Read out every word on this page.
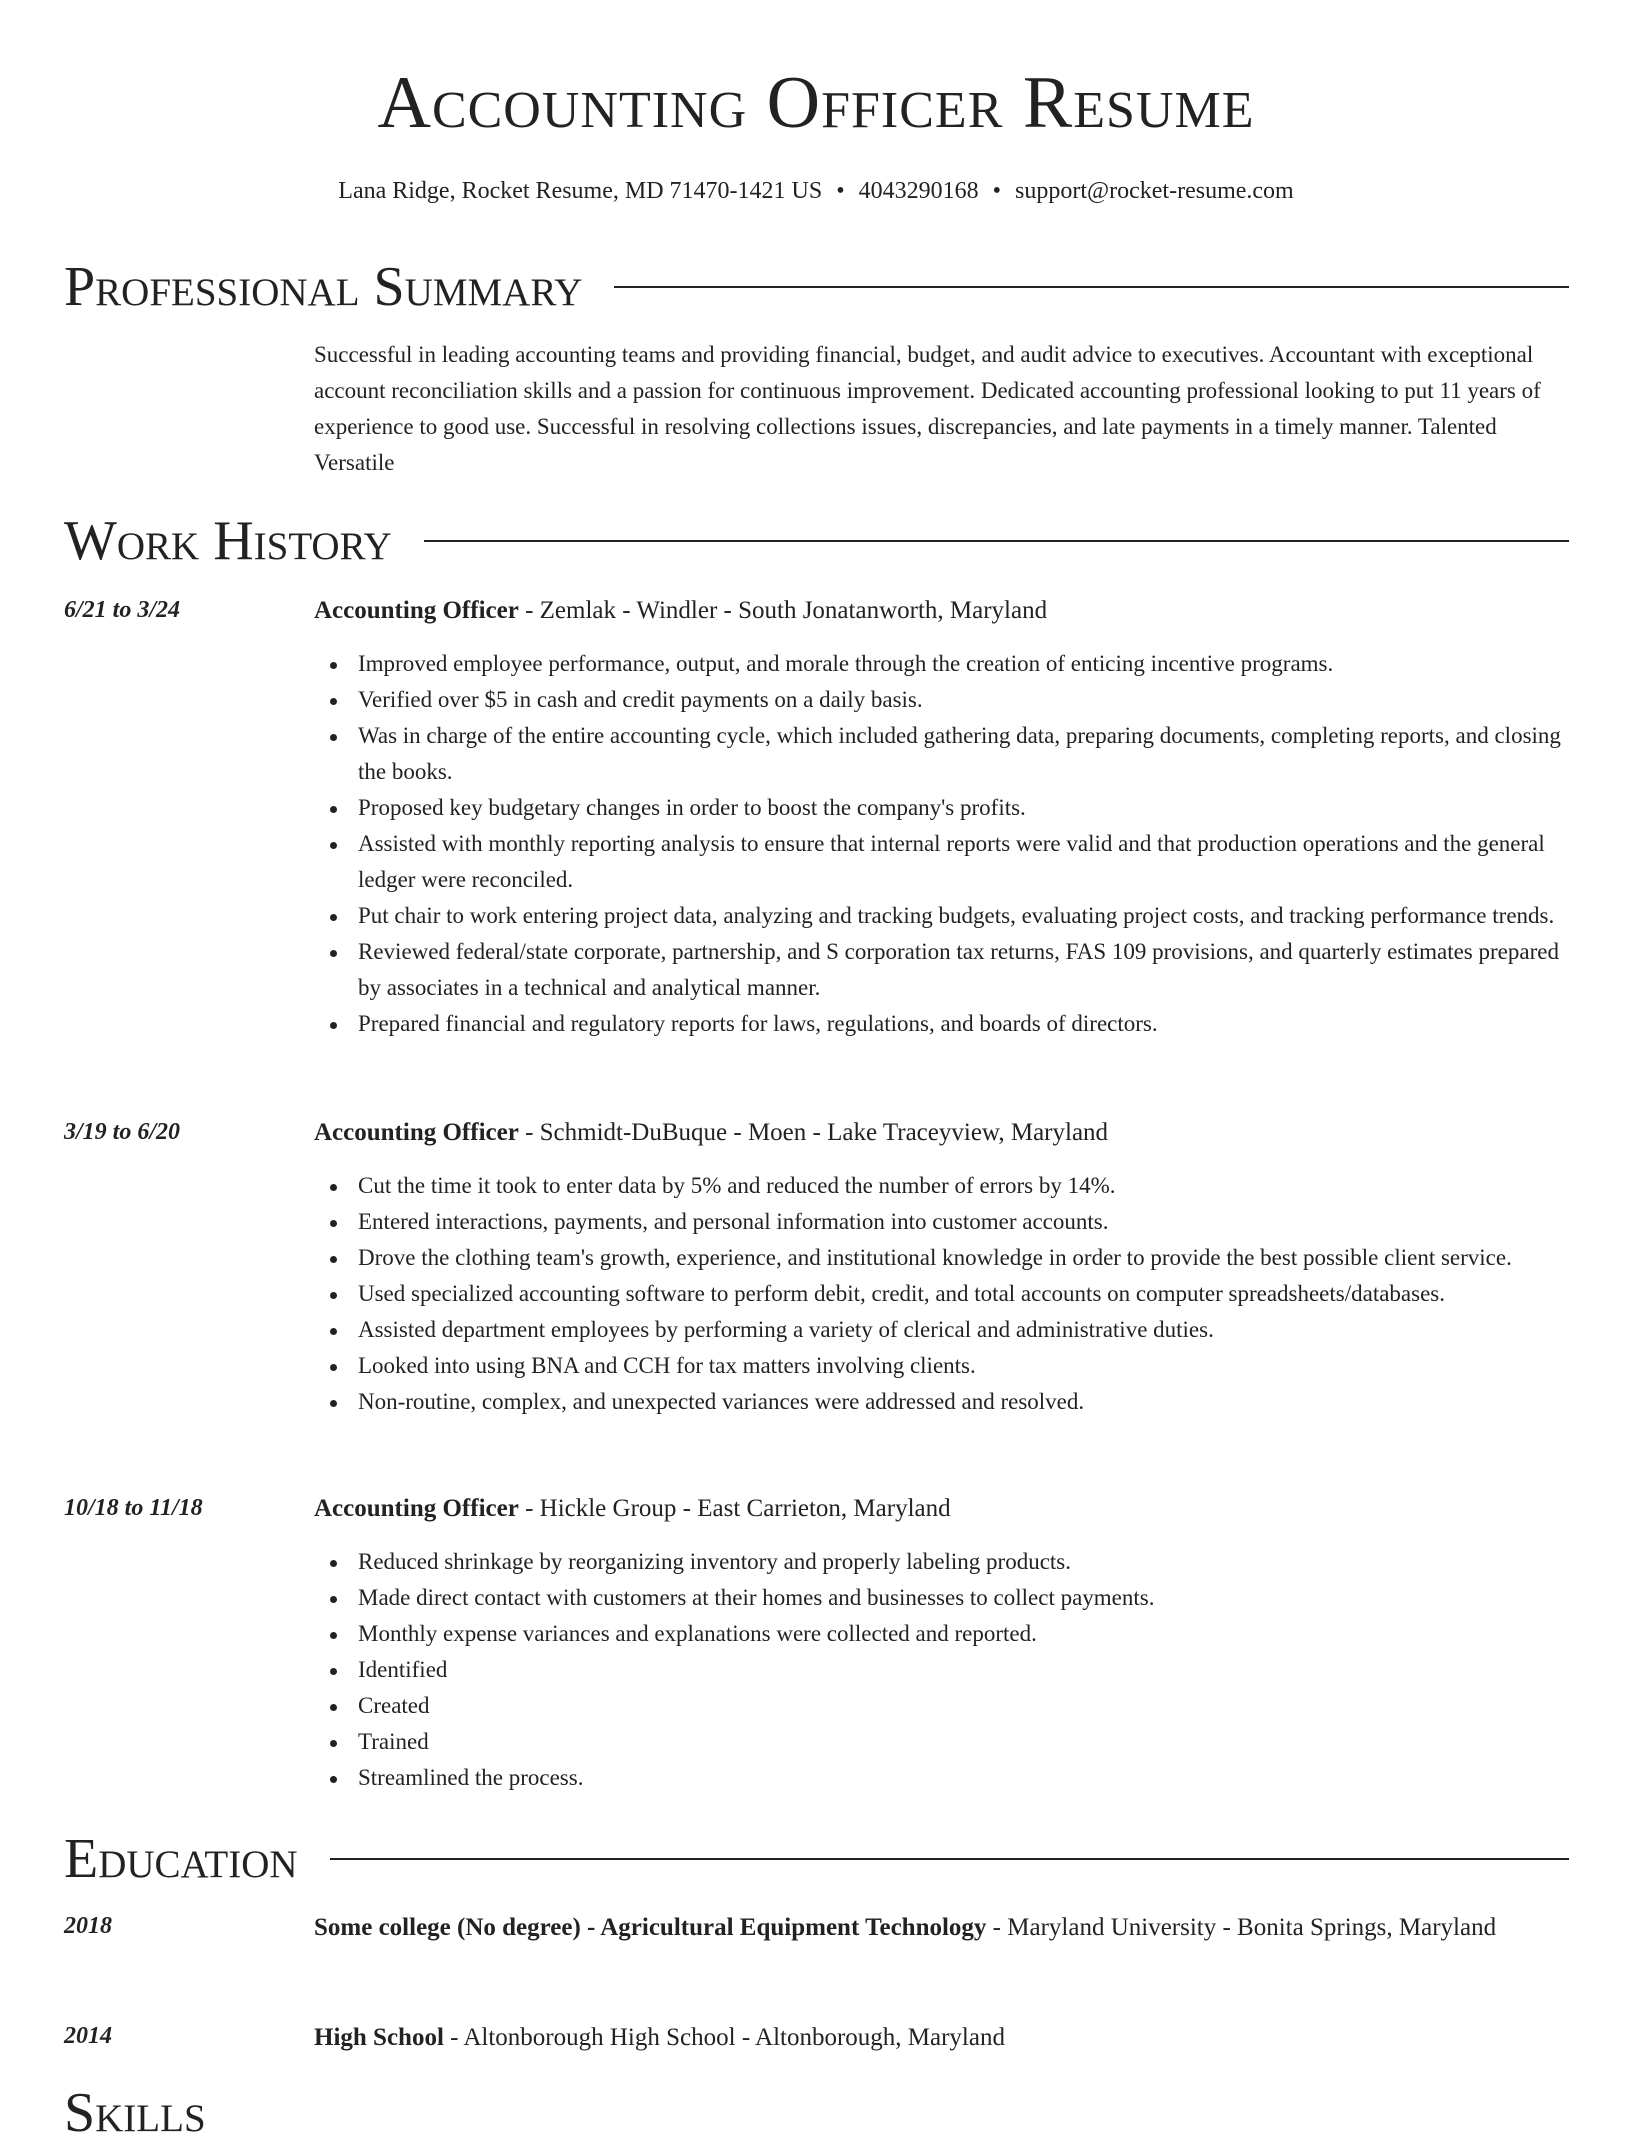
Accounting Officer Resume
Lana Ridge, Rocket Resume, MD 71470-1421 US • 4043290168 • support@rocket-resume.com
Professional Summary

Successful in leading accounting teams and providing financial, budget, and audit advice to executives. Accountant with exceptional account reconciliation skills and a passion for continuous improvement. Dedicated accounting professional looking to put 11 years of experience to good use. Successful in resolving collections issues, discrepancies, and late payments in a timely manner. Talented Versatile

Work History
6/21 to 3/24	Accounting Officer - Zemlak - Windler - South Jonatanworth, Maryland
Improved employee performance, output, and morale through the creation of enticing incentive programs.
Verified over $5 in cash and credit payments on a daily basis.
Was in charge of the entire accounting cycle, which included gathering data, preparing documents, completing reports, and closing the books.
Proposed key budgetary changes in order to boost the company's profits.
Assisted with monthly reporting analysis to ensure that internal reports were valid and that production operations and the general ledger were reconciled.
Put chair to work entering project data, analyzing and tracking budgets, evaluating project costs, and tracking performance trends.
Reviewed federal/state corporate, partnership, and S corporation tax returns, FAS 109 provisions, and quarterly estimates prepared by associates in a technical and analytical manner.
Prepared financial and regulatory reports for laws, regulations, and boards of directors.
3/19 to 6/20	Accounting Officer - Schmidt-DuBuque - Moen - Lake Traceyview, Maryland
Cut the time it took to enter data by 5% and reduced the number of errors by 14%.
Entered interactions, payments, and personal information into customer accounts.
Drove the clothing team's growth, experience, and institutional knowledge in order to provide the best possible client service.
Used specialized accounting software to perform debit, credit, and total accounts on computer spreadsheets/databases.
Assisted department employees by performing a variety of clerical and administrative duties.
Looked into using BNA and CCH for tax matters involving clients.
Non-routine, complex, and unexpected variances were addressed and resolved.
10/18 to 11/18	Accounting Officer - Hickle Group - East Carrieton, Maryland
Reduced shrinkage by reorganizing inventory and properly labeling products.
Made direct contact with customers at their homes and businesses to collect payments.
Monthly expense variances and explanations were collected and reported.
Identified
Created
Trained
Streamlined the process.
Education
2018	Some college (No degree) - Agricultural Equipment Technology - Maryland University - Bonita Springs, Maryland
2014	High School - Altonborough High School - Altonborough, Maryland
Skills
